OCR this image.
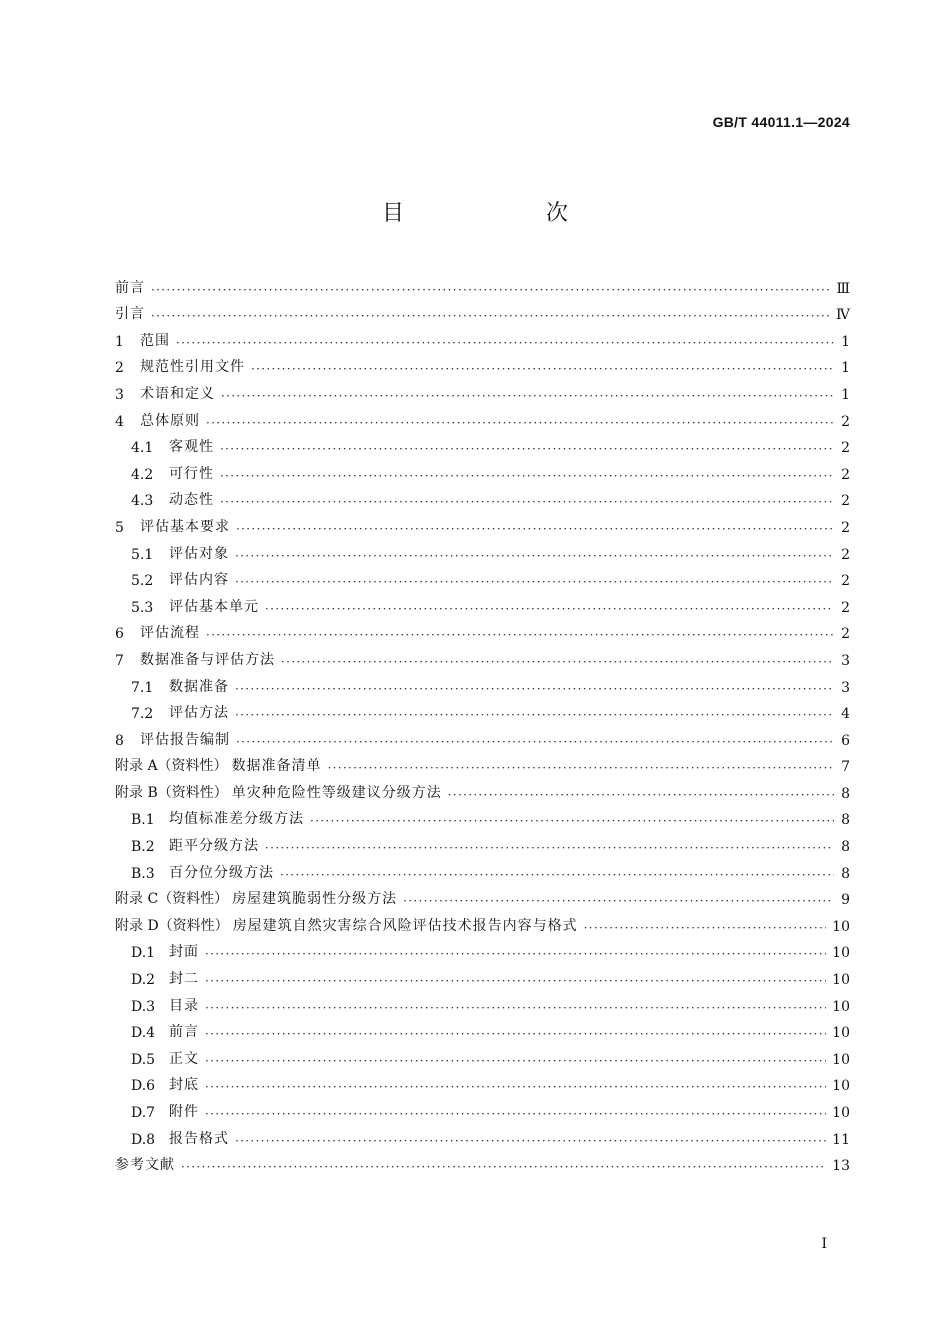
GB/T 44011.1—2024
目　次
前言 ·····	Ⅲ
引言 ·····	Ⅳ
1	范围 ·····	1
2	规范性引用文件 ·····	1
3	术语和定义 ·····	1
4	总体原则 ·····	2
4.1	客观性 ·····	2
4.2	可行性 ·····	2
4.3	动态性 ·····	2
5	评估基本要求 ·····	2
5.1	评估对象 ·····	2
5.2	评估内容 ·····	2
5.3	评估基本单元 ·····	2
6	评估流程 ·····	2
7	数据准备与评估方法 ·····	3
7.1	数据准备 ·····	3
7.2	评估方法 ·····	4
8	评估报告编制 ·····	6
附录 A（资料性） 数据准备清单 ·····	7
附录 B（资料性） 单灾种危险性等级建议分级方法 ·····	8
B.1	均值标准差分级方法 ·····	8
B.2	距平分级方法 ·····	8
B.3	百分位分级方法 ·····	8
附录 C（资料性） 房屋建筑脆弱性分级方法 ·····	9
附录 D（资料性） 房屋建筑自然灾害综合风险评估技术报告内容与格式 ·····	10
D.1 封面 ·····	10
D.2 封二 ·····	10
D.3 目录 ·····	10
D.4 前言 ·····	10
D.5 正文 ·····	10
D.6 封底 ·····	10
D.7 附件 ·····	10
D.8 报告格式 ·····	11
参考文献 ·····	13
I
